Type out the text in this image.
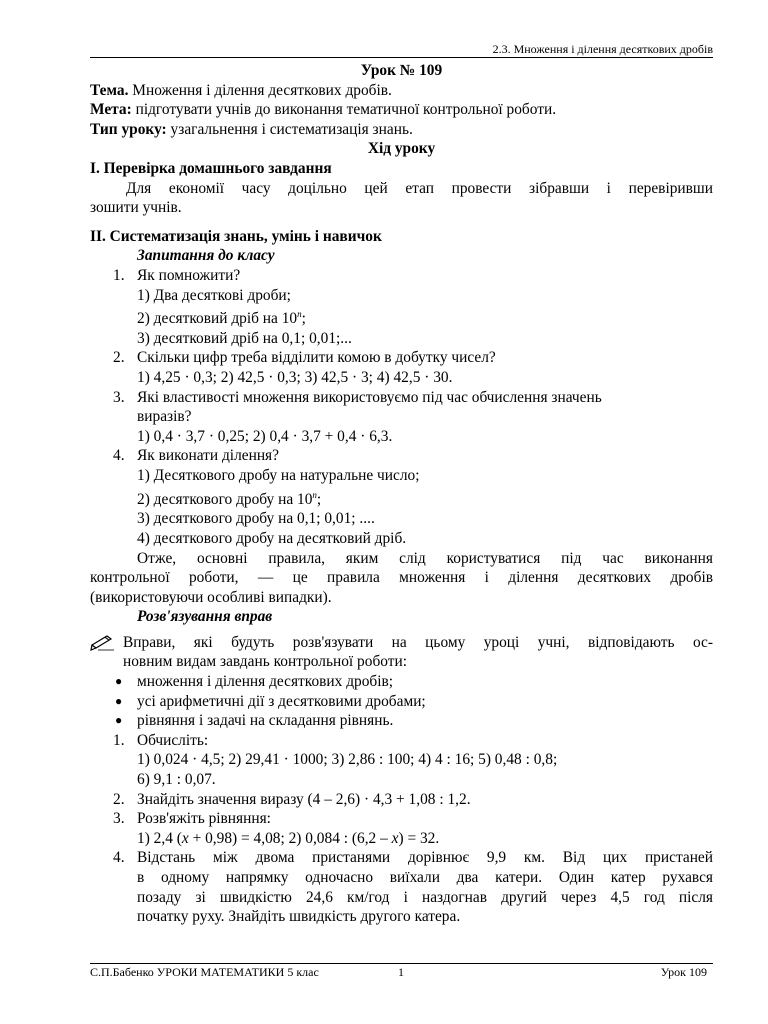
2.3. Множення і ділення десяткових дробів
Урок № 109
Тема. Множення і ділення десяткових дробів.
Мета: підготувати учнів до виконання тематичної контрольної роботи.
Тип уроку: узагальнення і систематизація знань.
Хід уроку
І. Перевірка домашнього завдання
Для економії часу доцільно цей етап провести зібравши і перевіривши
зошити учнів.
ІІ. Систематизація знань, умінь і навичок
Запитання до класу
1. Як помножити?
1) Два десяткові дроби;
2) десятковий дріб на 10$^n$;
3) десятковий дріб на 0,1; 0,01;...
2. Скільки цифр треба відділити комою в добутку чисел?
1) 4,25 · 0,3; 2) 42,5 · 0,3; 3) 42,5 · 3; 4) 42,5 · 30.
3. Які властивості множення використовуємо під час обчислення значень
виразів?
1) 0,4 · 3,7 · 0,25; 2) 0,4 · 3,7 + 0,4 · 6,3.
4. Як виконати ділення?
1) Десяткового дробу на натуральне число;
2) десяткового дробу на 10$^n$;
3) десяткового дробу на 0,1; 0,01; ....
4) десяткового дробу на десятковий дріб.
Отже, основні правила, яким слід користуватися під час виконання
контрольної роботи, — це правила множення і ділення десяткових дробів
(використовуючи особливі випадки).
Розв'язування вправ
Вправи, які будуть розв'язувати на цьому уроці учні, відповідають ос-
новним видам завдань контрольної роботи:
● множення і ділення десяткових дробів;
● усі арифметичні дії з десятковими дробами;
● рівняння і задачі на складання рівнянь.
1. Обчисліть:
1) 0,024 · 4,5; 2) 29,41 · 1000; 3) 2,86 : 100; 4) 4 : 16; 5) 0,48 : 0,8;
6) 9,1 : 0,07.
2. Знайдіть значення виразу (4 – 2,6) · 4,3 + 1,08 : 1,2.
3. Розв'яжіть рівняння:
1) 2,4 (x + 0,98) = 4,08; 2) 0,084 : (6,2 – x) = 32.
4. Відстань між двома пристанями дорівнює 9,9 км. Від цих пристаней
в одному напрямку одночасно виїхали два катери. Один катер рухався
позаду зі швидкістю 24,6 км/год і наздогнав другий через 4,5 год після
початку руху. Знайдіть швидкість другого катера.
С.П.Бабенко УРОКИ МАТЕМАТИКИ 5 клас	1	Урок 109
